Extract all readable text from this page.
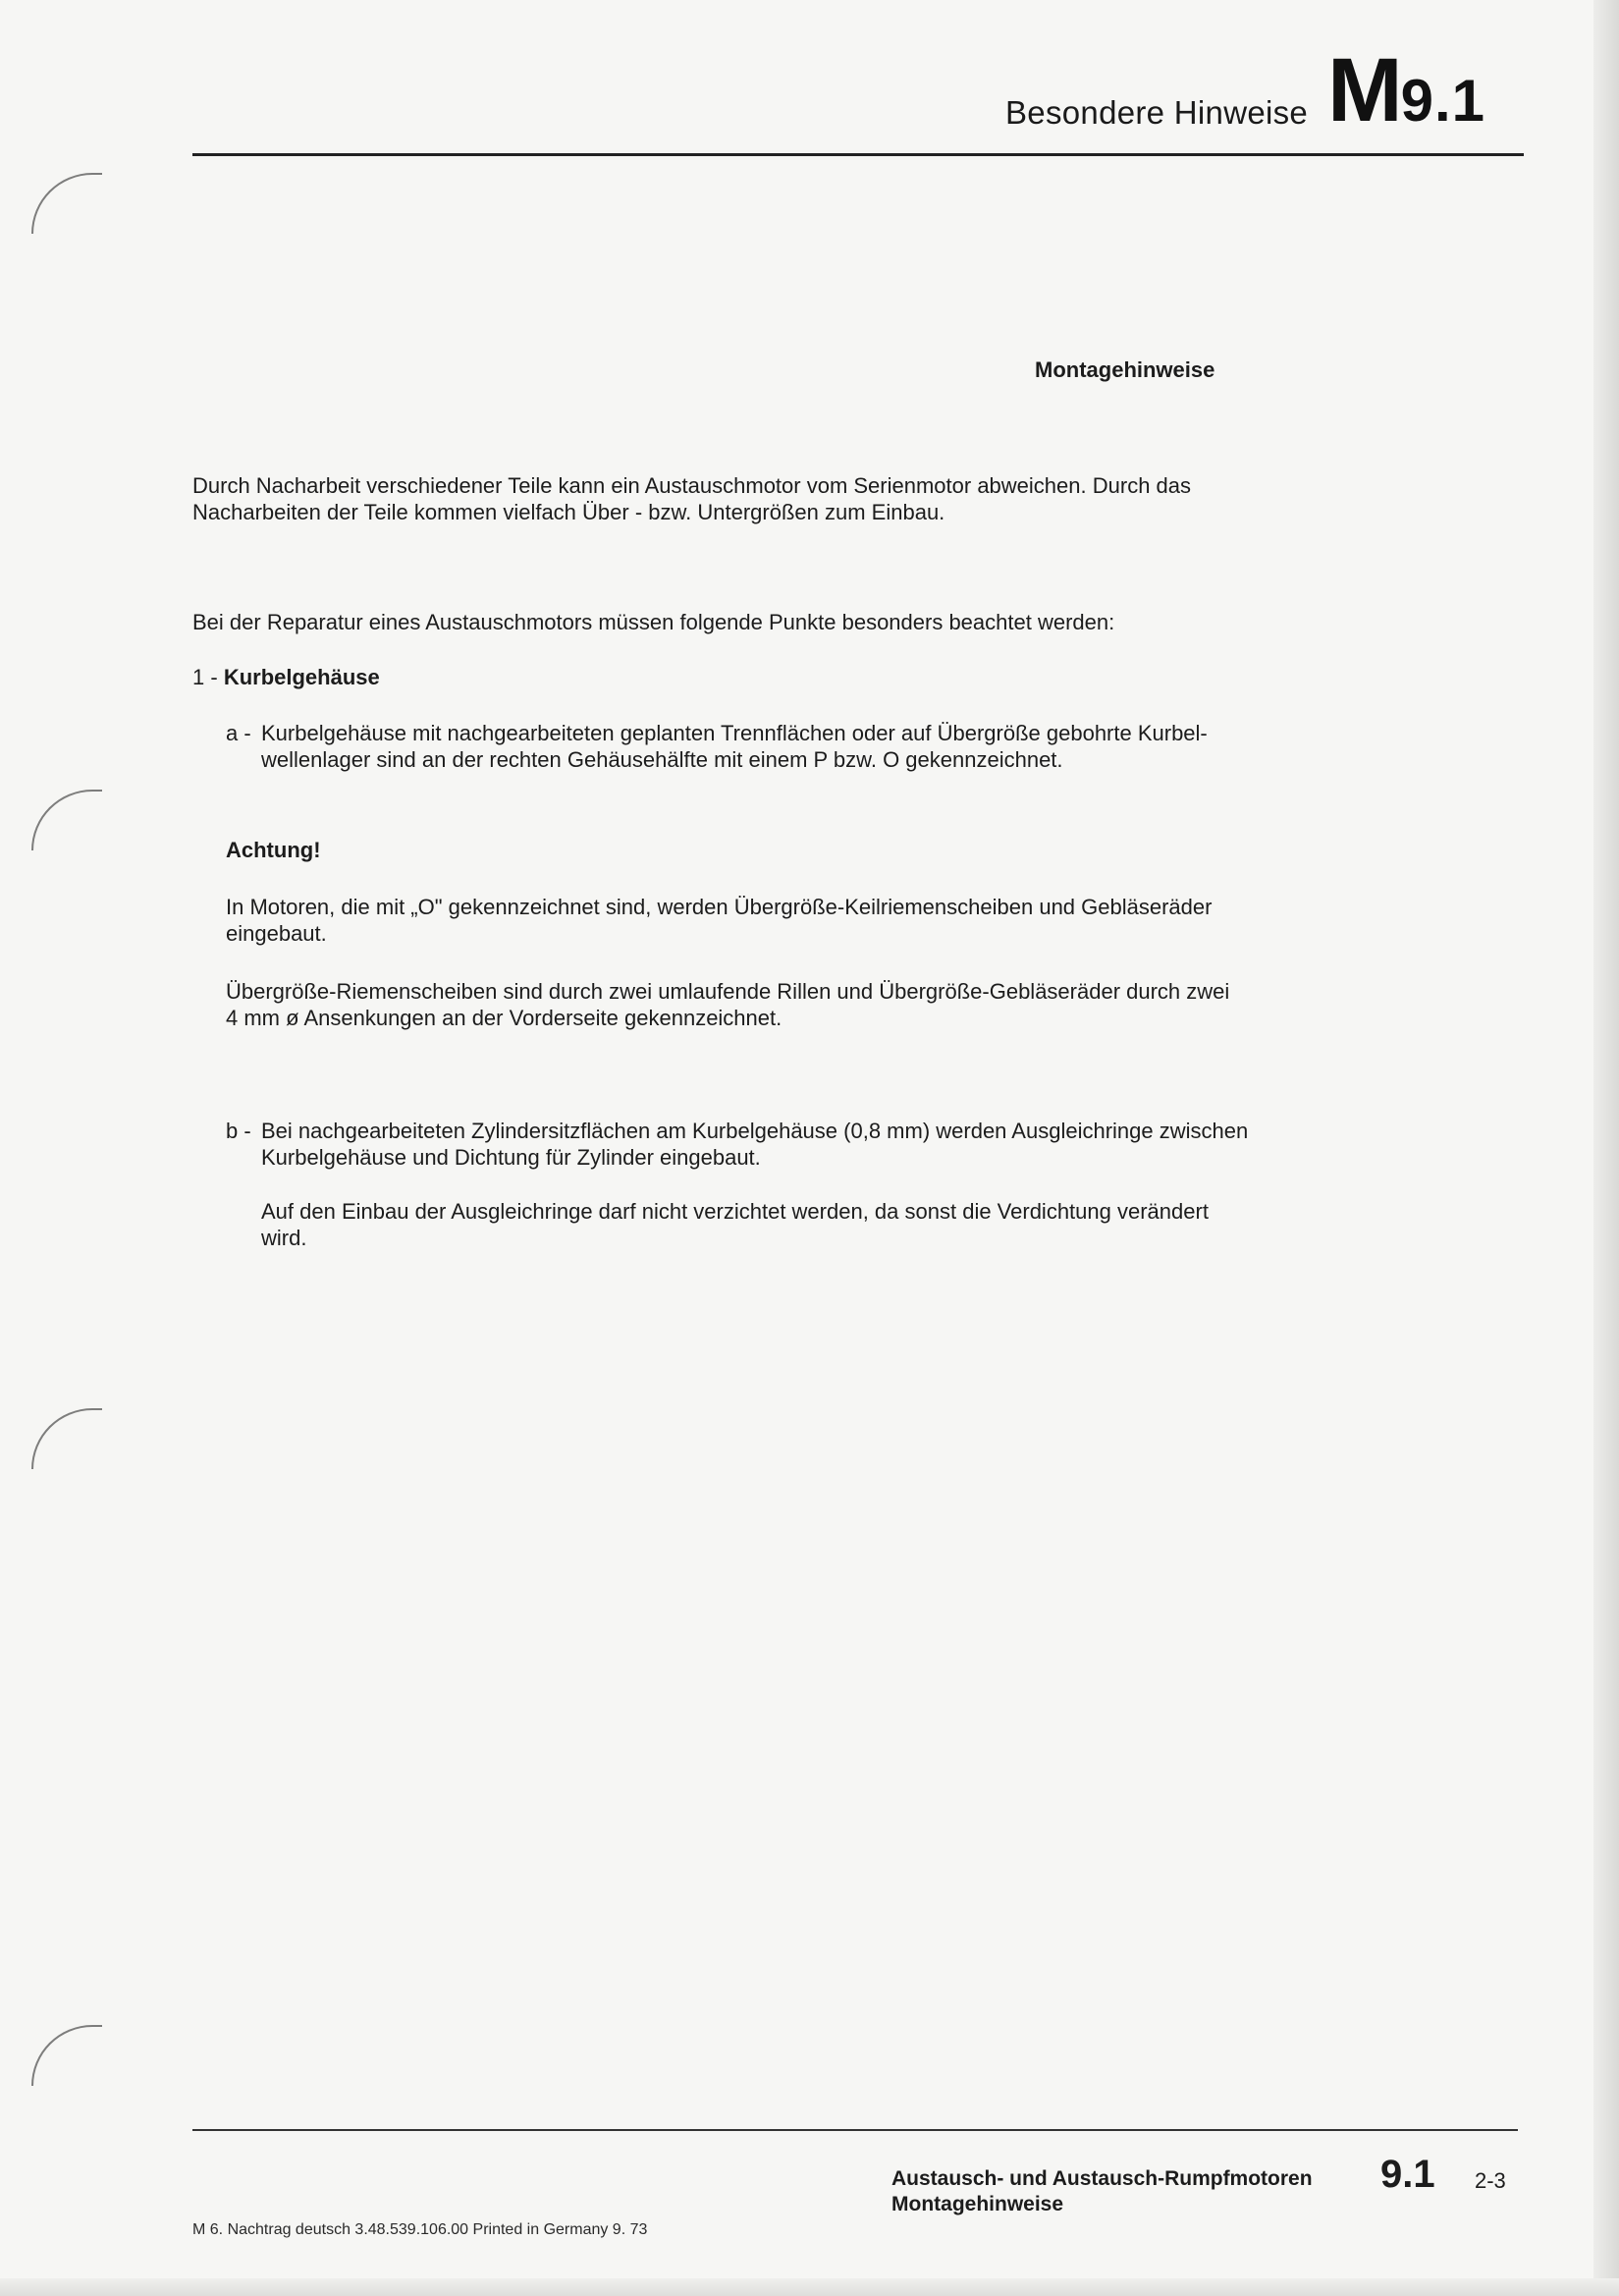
Besondere Hinweise M9.1
Montagehinweise
Durch Nacharbeit verschiedener Teile kann ein Austauschmotor vom Serienmotor abweichen. Durch das
Nacharbeiten der Teile kommen vielfach Über - bzw. Untergrößen zum Einbau.
Bei der Reparatur eines Austauschmotors müssen folgende Punkte besonders beachtet werden:
1 - Kurbelgehäuse
a - Kurbelgehäuse mit nachgearbeiteten geplanten Trennflächen oder auf Übergröße gebohrte Kurbel-
wellenlager sind an der rechten Gehäusehälfte mit einem P bzw. O gekennzeichnet.
Achtung!
In Motoren, die mit „O" gekennzeichnet sind, werden Übergröße-Keilriemenscheiben und Gebläseräder
eingebaut.
Übergröße-Riemenscheiben sind durch zwei umlaufende Rillen und Übergröße-Gebläseräder durch zwei
4 mm ø Ansenkungen an der Vorderseite gekennzeichnet.
b - Bei nachgearbeiteten Zylindersitzflächen am Kurbelgehäuse (0,8 mm) werden Ausgleichringe zwischen
Kurbelgehäuse und Dichtung für Zylinder eingebaut.
Auf den Einbau der Ausgleichringe darf nicht verzichtet werden, da sonst die Verdichtung verändert
wird.
Austausch- und Austausch-Rumpfmotoren
Montagehinweise
9.1 2-3
M 6. Nachtrag deutsch 3.48.539.106.00 Printed in Germany 9. 73
